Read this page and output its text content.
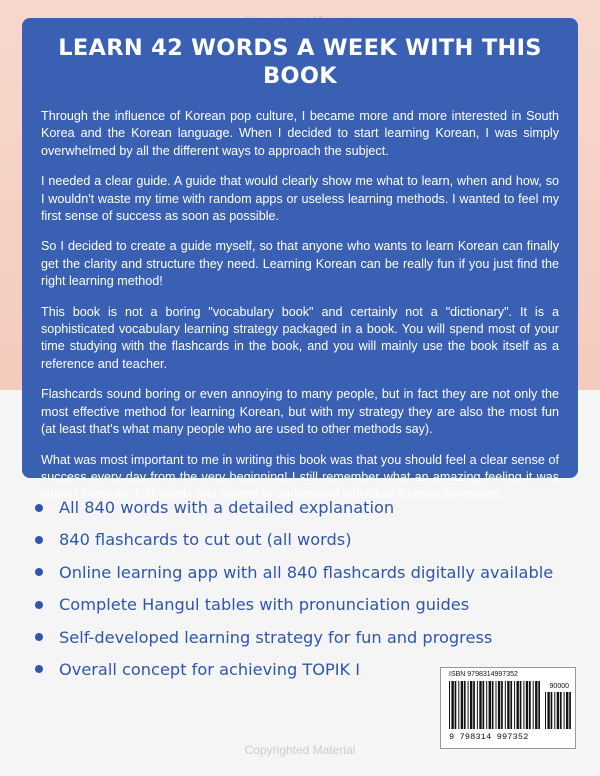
LEARN 42 WORDS A WEEK WITH THIS BOOK

Through the influence of Korean pop culture, I became more and more interested in South Korea and the Korean language. When I decided to start learning Korean, I was simply overwhelmed by all the different ways to approach the subject.

I needed a clear guide. A guide that would clearly show me what to learn, when and how, so I wouldn't waste my time with random apps or useless learning methods. I wanted to feel my first sense of success as soon as possible.

So I decided to create a guide myself, so that anyone who wants to learn Korean can finally get the clarity and structure they need. Learning Korean can be really fun if you just find the right learning method!

This book is not a boring "vocabulary book" and certainly not a "dictionary". It is a sophisticated vocabulary learning strategy packaged in a book. You will spend most of your time studying with the flashcards in the book, and you will mainly use the book itself as a reference and teacher.

Flashcards sound boring or even annoying to many people, but in fact they are not only the most effective method for learning Korean, but with my strategy they are also the most fun (at least that's what many people who are used to other methods say).

What was most important to me in writing this book was that you should feel a clear sense of success every day from the very beginning! I still remember what an amazing feeling it was when I knew my first words and started to understand individual Korean sentences.

All 840 words with a detailed explanation
840 flashcards to cut out (all words)
Online learning app with all 840 flashcards digitally available
Complete Hangul tables with pronunciation guides
Self-developed learning strategy for fun and progress
Overall concept for achieving TOPIK I	ISBN 9798314997352
90000
9 798314 997352
Copyrighted Material
